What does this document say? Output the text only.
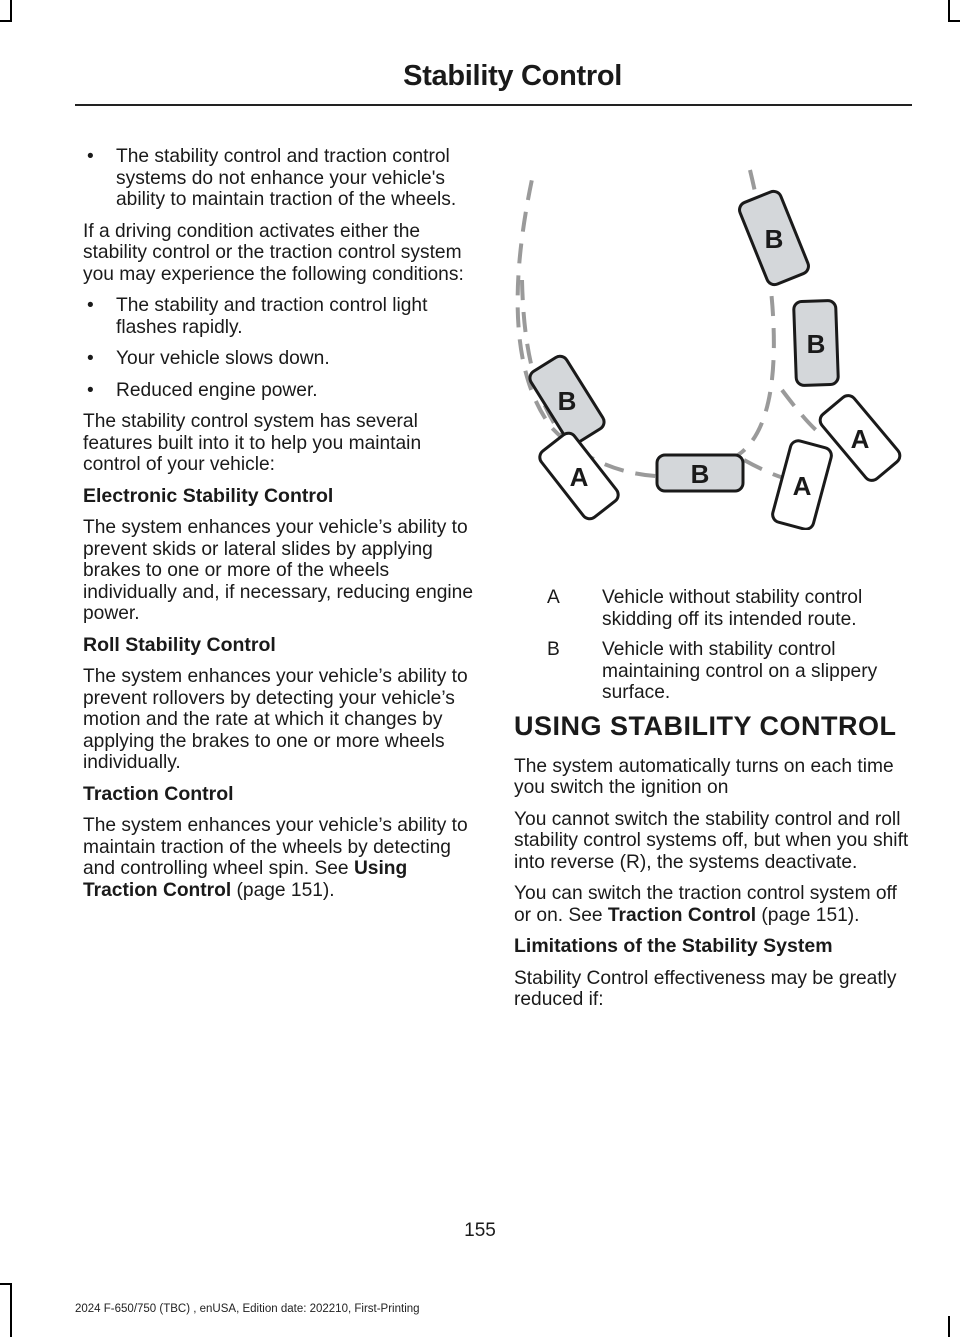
Stability Control
• The stability control and traction control systems do not enhance your vehicle's ability to maintain traction of the wheels.
If a driving condition activates either the stability control or the traction control system you may experience the following conditions:
• The stability and traction control light flashes rapidly.
• Your vehicle slows down.
• Reduced engine power.
The stability control system has several features built into it to help you maintain control of your vehicle:
Electronic Stability Control
The system enhances your vehicle’s ability to prevent skids or lateral slides by applying brakes to one or more of the wheels individually and, if necessary, reducing engine power.
Roll Stability Control
The system enhances your vehicle’s ability to prevent rollovers by detecting your vehicle’s motion and the rate at which it changes by applying the brakes to one or more wheels individually.
Traction Control
The system enhances your vehicle’s ability to maintain traction of the wheels by detecting and controlling wheel spin. See Using Traction Control (page 151).
B
B
B
A
B	A
A
A Vehicle without stability control skidding off its intended route.
B Vehicle with stability control maintaining control on a slippery surface.
USING STABILITY CONTROL
The system automatically turns on each time you switch the ignition on
You cannot switch the stability control and roll stability control systems off, but when you shift into reverse (R), the systems deactivate.
You can switch the traction control system off or on. See Traction Control (page 151).
Limitations of the Stability System
Stability Control effectiveness may be greatly reduced if:
155
2024 F-650/750 (TBC) , enUSA, Edition date: 202210, First-Printing
